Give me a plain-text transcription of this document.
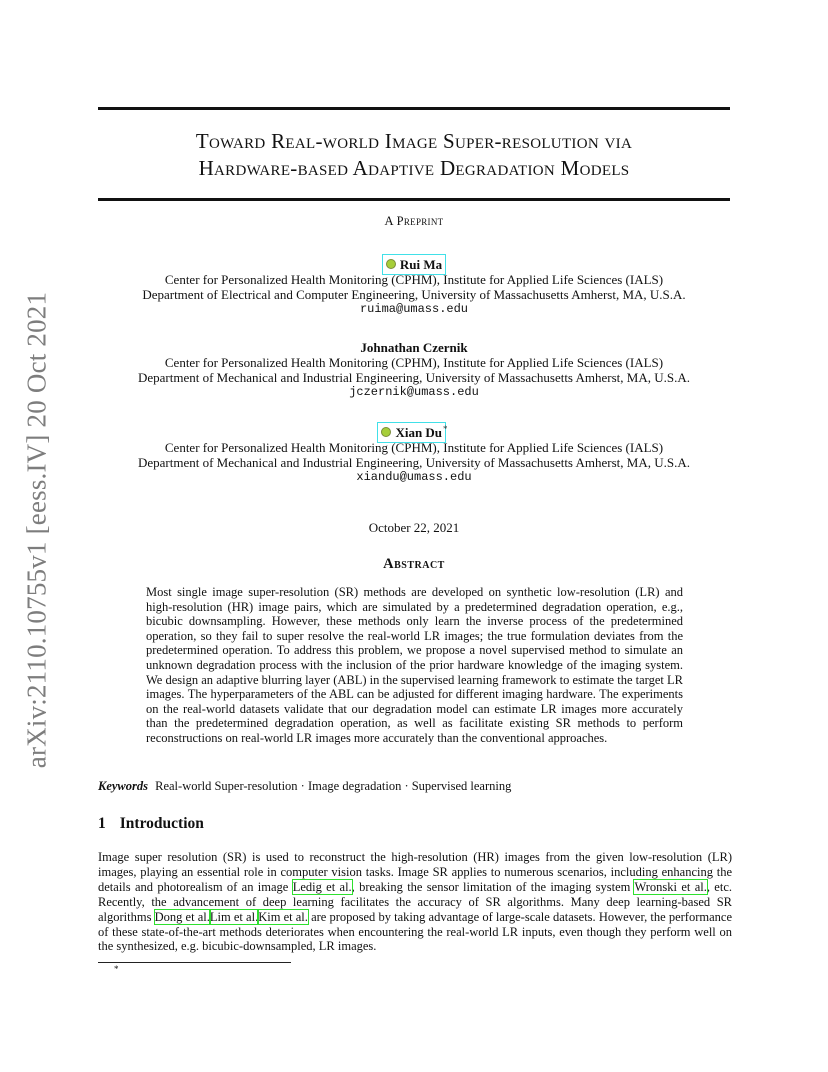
arXiv:2110.10755v1 [eess.IV] 20 Oct 2021
Toward Real-world Image Super-resolution via
Hardware-based Adaptive Degradation Models
A Preprint
Rui Ma
Center for Personalized Health Monitoring (CPHM), Institute for Applied Life Sciences (IALS)
Department of Electrical and Computer Engineering, University of Massachusetts Amherst, MA, U.S.A.
ruima@umass.edu
Johnathan Czernik
Center for Personalized Health Monitoring (CPHM), Institute for Applied Life Sciences (IALS)
Department of Mechanical and Industrial Engineering, University of Massachusetts Amherst, MA, U.S.A.
jczernik@umass.edu
Xian Du*
Center for Personalized Health Monitoring (CPHM), Institute for Applied Life Sciences (IALS)
Department of Mechanical and Industrial Engineering, University of Massachusetts Amherst, MA, U.S.A.
xiandu@umass.edu
October 22, 2021
Abstract

Most single image super-resolution (SR) methods are developed on synthetic low-resolution (LR) and high-resolution (HR) image pairs, which are simulated by a predetermined degradation operation, e.g., bicubic downsampling. However, these methods only learn the inverse process of the predetermined operation, so they fail to super resolve the real-world LR images; the true formulation deviates from the predetermined operation. To address this problem, we propose a novel supervised method to simulate an unknown degradation process with the inclusion of the prior hardware knowledge of the imaging system. We design an adaptive blurring layer (ABL) in the supervised learning framework to estimate the target LR images. The hyperparameters of the ABL can be adjusted for different imaging hardware. The experiments on the real-world datasets validate that our degradation model can estimate LR images more accurately than the predetermined degradation operation, as well as facilitate existing SR methods to perform reconstructions on real-world LR images more accurately than the conventional approaches.

Keywords Real-world Super-resolution · Image degradation · Supervised learning
1 Introduction

Image super resolution (SR) is used to reconstruct the high-resolution (HR) images from the given low-resolution (LR) images, playing an essential role in computer vision tasks. Image SR applies to numerous scenarios, including enhancing the details and photorealism of an image Ledig et al., breaking the sensor limitation of the imaging system Wronski et al., etc. Recently, the advancement of deep learning facilitates the accuracy of SR algorithms. Many deep learning-based SR algorithms Dong et al.Lim et al.Kim et al. are proposed by taking advantage of large-scale datasets. However, the performance of these state-of-the-art methods deteriorates when encountering the real-world LR inputs, even though they perform well on the synthesized, e.g. bicubic-downsampled, LR images.

*
